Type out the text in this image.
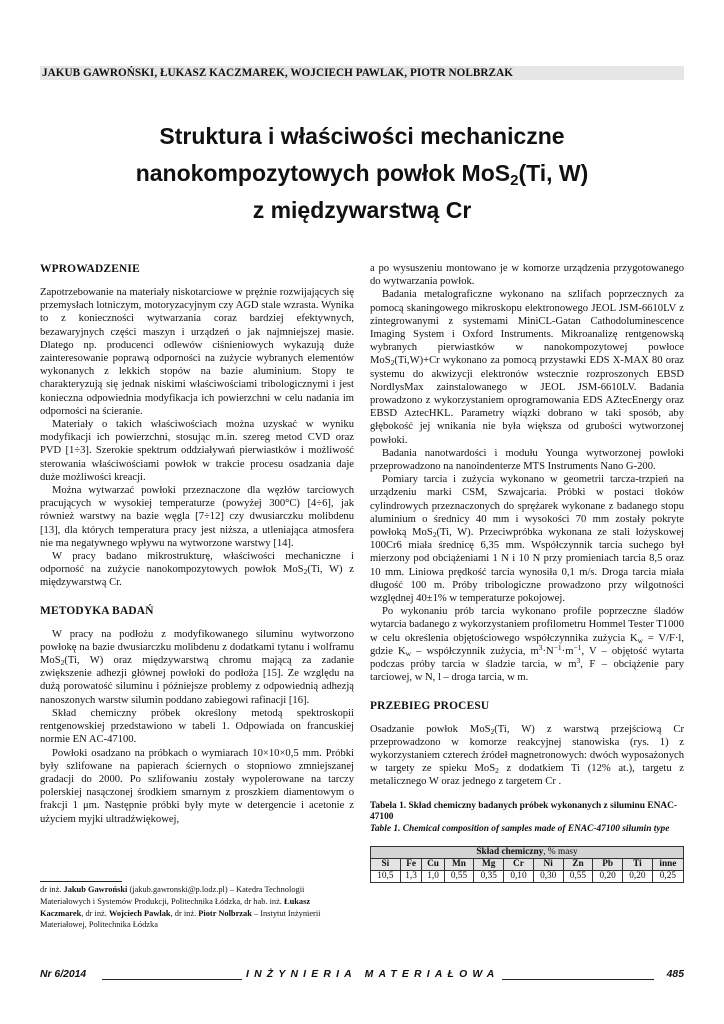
JAKUB GAWROŃSKI, ŁUKASZ KACZMAREK, WOJCIECH PAWLAK, PIOTR NOLBRZAK
Struktura i właściwości mechaniczne
nanokompozytowych powłok MoS$_2$(Ti, W)
z międzywarstwą Cr
WPROWADZENIE

Zapotrzebowanie na materiały niskotarciowe w prężnie rozwijających się przemysłach lotniczym, motoryzacyjnym czy AGD stale wzrasta. Wynika to z konieczności wytwarzania coraz bardziej efektywnych, bezawaryjnych części maszyn i urządzeń o jak najmniejszej masie. Dlatego np. producenci odlewów ciśnieniowych wykazują duże zainteresowanie poprawą odporności na zużycie wybranych elementów wykonanych z lekkich stopów na bazie aluminium. Stopy te charakteryzują się jednak niskimi właściwościami tribologicznymi i jest konieczna odpowiednia modyfikacja ich powierzchni w celu nadania im odporności na ścieranie.

Materiały o takich właściwościach można uzyskać w wyniku modyfikacji ich powierzchni, stosując m.in. szereg metod CVD oraz PVD [1÷3]. Szerokie spektrum oddziaływań pierwiastków i możliwość sterowania właściwościami powłok w trakcie procesu osadzania daje duże możliwości kreacji.

Można wytwarzać powłoki przeznaczone dla węzłów tarciowych pracujących w wysokiej temperaturze (powyżej 300°C) [4÷6], jak również warstwy na bazie węgla [7÷12] czy dwusiarczku molibdenu [13], dla których temperatura pracy jest niższa, a utleniająca atmosfera nie ma negatywnego wpływu na wytworzone warstwy [14].

W pracy badano mikrostrukturę, właściwości mechaniczne i odporność na zużycie nanokompozytowych powłok MoS$_2$(Ti, W) z międzywarstwą Cr.

METODYKA BADAŃ

W pracy na podłożu z modyfikowanego siluminu wytworzono powłokę na bazie dwusiarczku molibdenu z dodatkami tytanu i wolframu MoS$_2$(Ti, W) oraz międzywarstwą chromu mającą za zadanie zwiększenie adhezji głównej powłoki do podłoża [15]. Ze względu na dużą porowatość siluminu i późniejsze problemy z odpowiednią adhezją nanoszonych warstw silumin poddano zabiegowi rafinacji [16].

Skład chemiczny próbek określony metodą spektroskopii rentgenowskiej przedstawiono w tabeli 1. Odpowiada on francuskiej normie EN AC-47100.

Powłoki osadzano na próbkach o wymiarach 10×10×0,5 mm. Próbki były szlifowane na papierach ściernych o stopniowo zmniejszanej gradacji do 2000. Po szlifowaniu zostały wypolerowane na tarczy polerskiej nasączonej środkiem smarnym z proszkiem diamentowym o frakcji 1 μm. Następnie próbki były myte w detergencie i acetonie z użyciem myjki ultradźwiękowej,

a po wysuszeniu montowano je w komorze urządzenia przygotowanego do wytwarzania powłok.

Badania metalograficzne wykonano na szlifach poprzecznych za pomocą skaningowego mikroskopu elektronowego JEOL JSM-6610LV z zintegrowanymi z systemami MiniCL-Gatan Cathodoluminescence Imaging System i Oxford Instruments. Mikroanalizę rentgenowską wybranych pierwiastków w nanokompozytowej powłoce MoS$_2$(Ti,W)+Cr wykonano za pomocą przystawki EDS X-MAX 80 oraz systemu do akwizycji elektronów wstecznie rozproszonych EBSD NordlysMax zainstalowanego w JEOL JSM-6610LV. Badania prowadzono z wykorzystaniem oprogramowania EDS AZtecEnergy oraz EBSD AztecHKL. Parametry wiązki dobrano w taki sposób, aby głębokość jej wnikania nie była większa od grubości wytworzonej powłoki.

Badania nanotwardości i modułu Younga wytworzonej powłoki przeprowadzono na nanoindenterze MTS Instruments Nano G-200.

Pomiary tarcia i zużycia wykonano w geometrii tarcza-trzpień na urządzeniu marki CSM, Szwajcaria. Próbki w postaci tłoków cylindrowych przeznaczonych do sprężarek wykonane z badanego stopu aluminium o średnicy 40 mm i wysokości 70 mm zostały pokryte powłoką MoS$_2$(Ti, W). Przeciwpróbka wykonana ze stali łożyskowej 100Cr6 miała średnicę 6,35 mm. Współczynnik tarcia suchego był mierzony pod obciążeniami 1 N i 10 N przy promieniach tarcia 8,5 oraz 10 mm. Liniowa prędkość tarcia wynosiła 0,1 m/s. Droga tarcia miała długość 100 m. Próby tribologiczne prowadzono przy wilgotności względnej 40±1% w temperaturze pokojowej.

Po wykonaniu prób tarcia wykonano profile poprzeczne śladów wytarcia badanego z wykorzystaniem profilometru Hommel Tester T1000 w celu określenia objętościowego współczynnika zużycia $K_w = V/F\cdot l$, gdzie $K_w$ – współczynnik zużycia, $m^3\cdot N^{-1}\cdot m^{-1}$, V – objętość wytarta podczas próby tarcia w śladzie tarcia, w $m^3$, F – obciążenie pary tarciowej, w N, l – droga tarcia, w m.

PRZEBIEG PROCESU

Osadzanie powłok MoS$_2$(Ti, W) z warstwą przejściową Cr przeprowadzono w komorze reakcyjnej stanowiska (rys. 1) z wykorzystaniem czterech źródeł magnetronowych: dwóch wyposażonych w targety ze spieku MoS$_2$ z dodatkiem Ti (12% at.), targetu z metalicznego W oraz jednego z targetem Cr .

Tabela 1. Skład chemiczny badanych próbek wykonanych z siluminu ENAC-47100
Table 1. Chemical composition of samples made of ENAC-47100 silumin type
Skład chemiczny, % masy										
Si	Fe	Cu	Mn	Mg	Cr	Ni	Zn	Pb	Ti	inne
10,5	1,3	1,0	0,55	0,35	0,10	0,30	0,55	0,20	0,20	0,25
dr inż. Jakub Gawroński (jakub.gawronski@p.lodz.pl) – Katedra Technologii Materiałowych i Systemów Produkcji, Politechnika Łódzka, dr hab. inż. Łukasz Kaczmarek, dr inż. Wojciech Pawlak, dr inż. Piotr Nolbrzak – Instytut Inżynierii Materiałowej, Politechnika Łódzka
Nr 6/2014	INŻYNIERIA MATERIAŁOWA	485
